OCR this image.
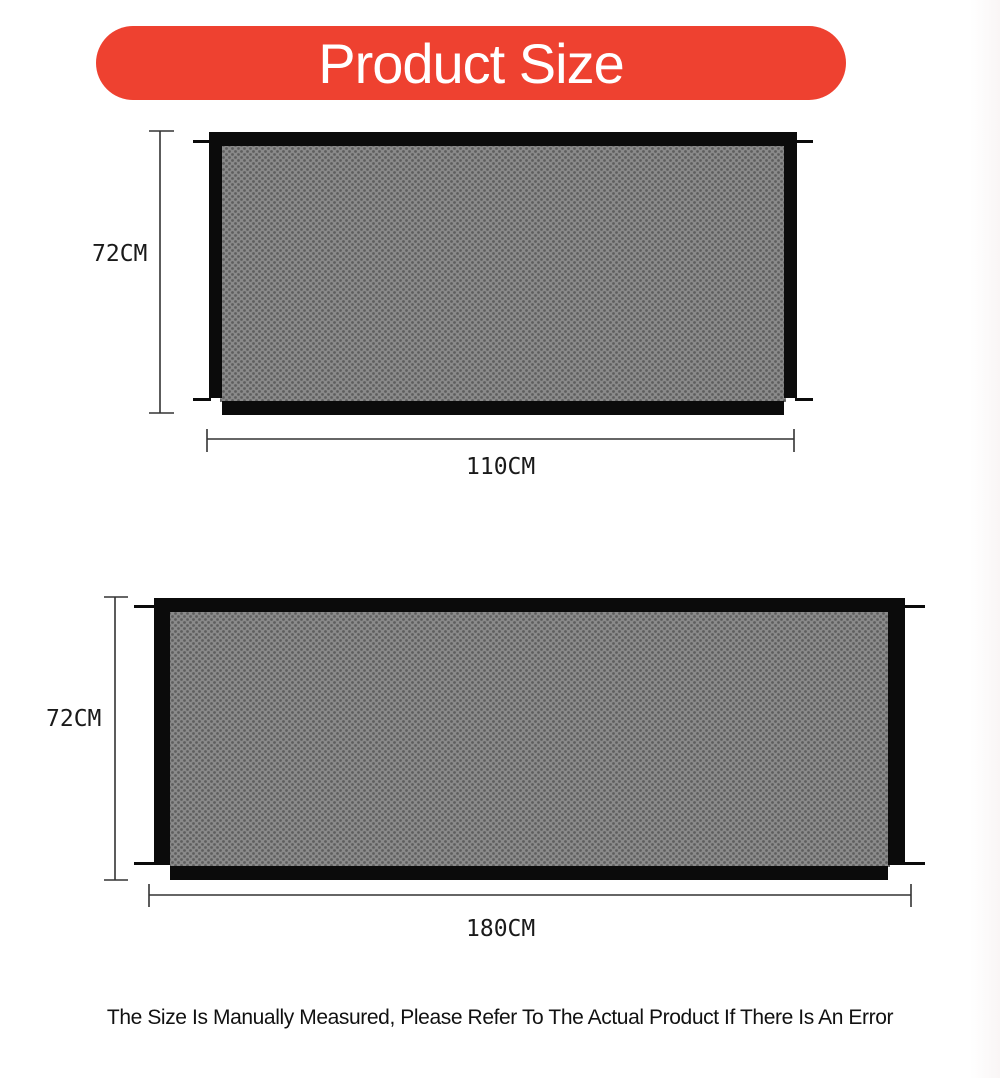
Product Size
72CM
110CM
72CM
180CM
The Size Is Manually Measured, Please Refer To The Actual Product If There Is An Error
